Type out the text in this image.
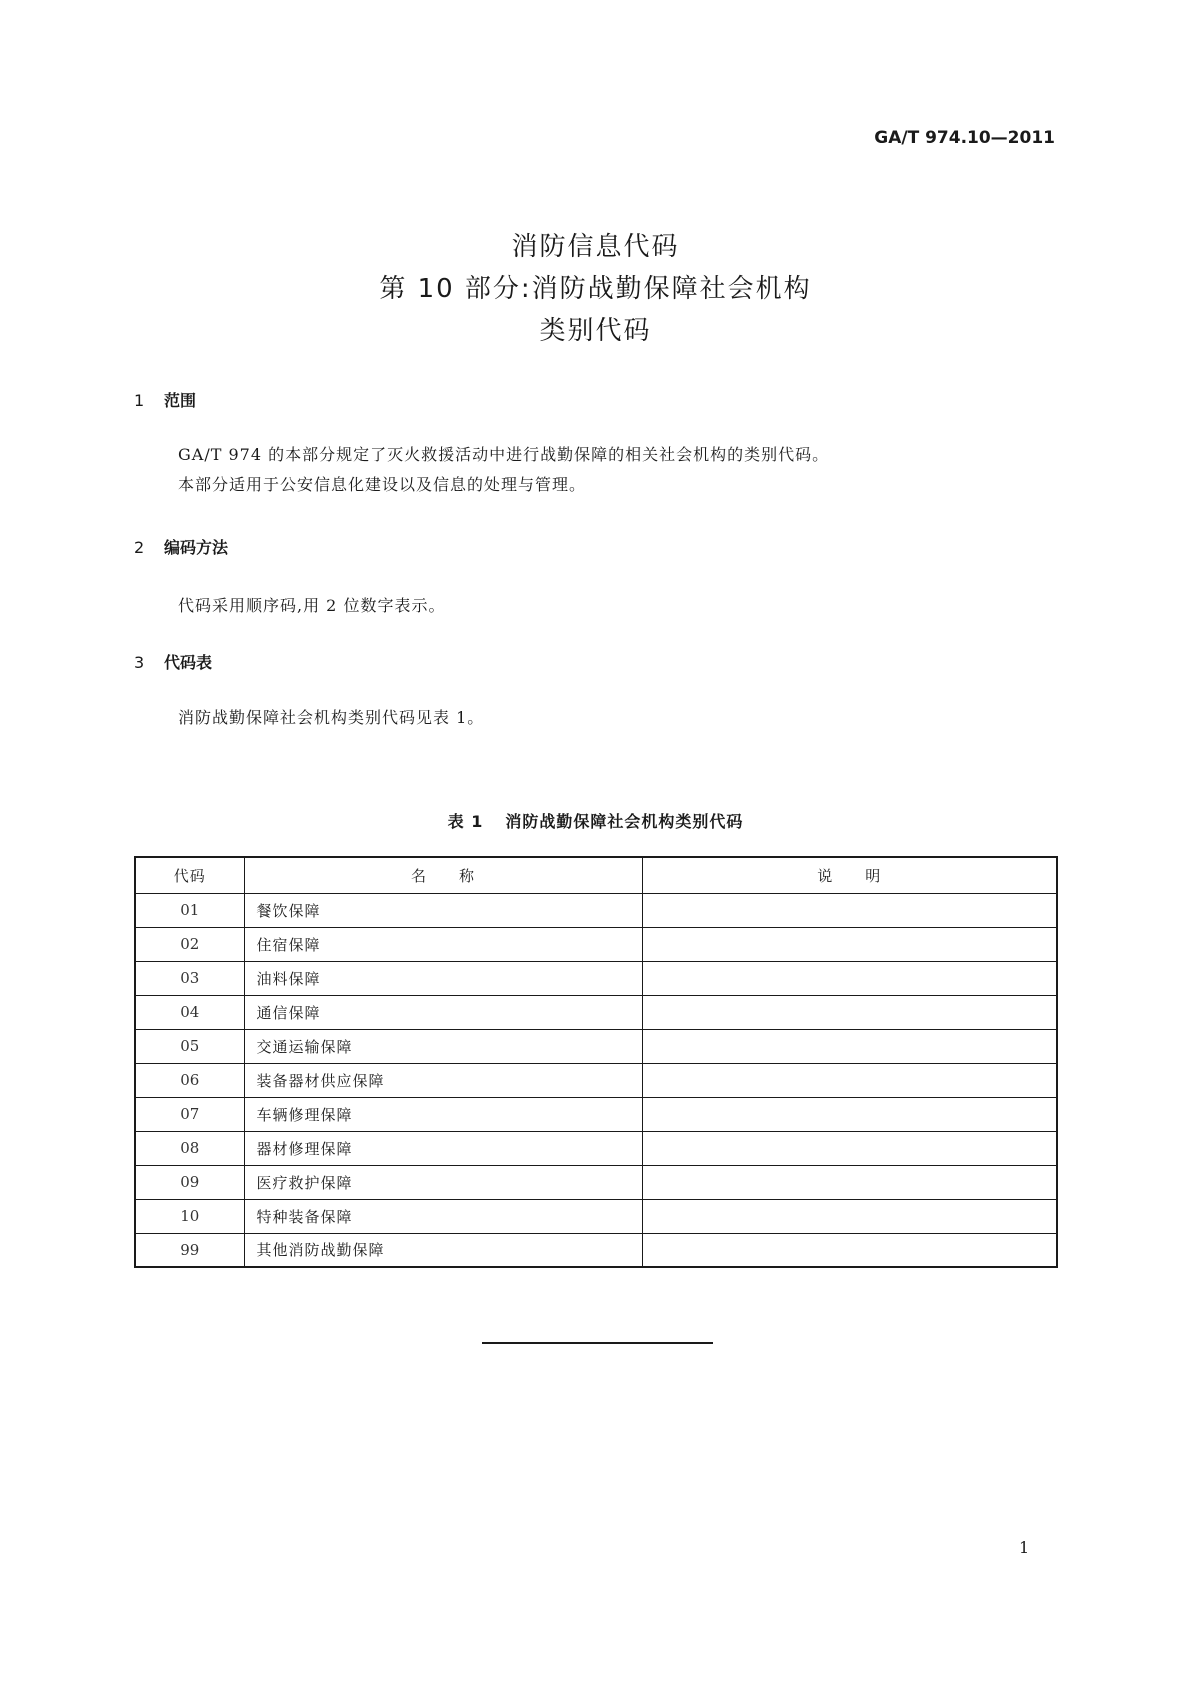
GA/T 974.10—2011
消防信息代码
第 10 部分:消防战勤保障社会机构
类别代码
1 范围
GA/T 974 的本部分规定了灭火救援活动中进行战勤保障的相关社会机构的类别代码。
本部分适用于公安信息化建设以及信息的处理与管理。
2 编码方法
代码采用顺序码,用 2 位数字表示。
3 代码表
消防战勤保障社会机构类别代码见表 1。
表 1 消防战勤保障社会机构类别代码
代码	名　　称	说　　明
01	餐饮保障	
02	住宿保障	
03	油料保障	
04	通信保障	
05	交通运输保障	
06	装备器材供应保障	
07	车辆修理保障	
08	器材修理保障	
09	医疗救护保障	
10	特种装备保障	
99	其他消防战勤保障	
1
